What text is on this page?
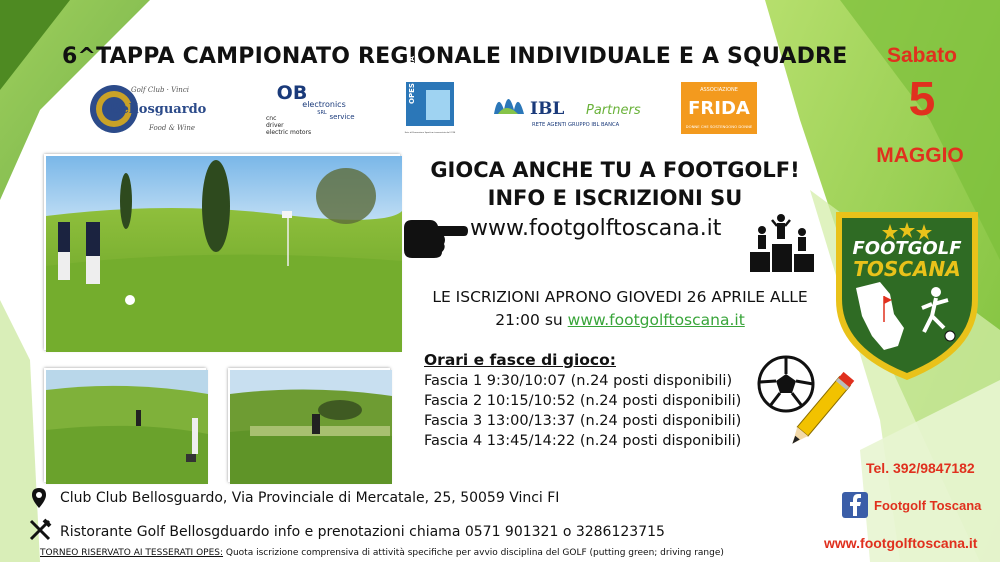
6^TAPPA CAMPIONATO REGIONALE INDIVIDUALE E A SQUADRE	Sabato
5
MAGGIO
Bellosguardo
Golf Club · Vinci
Food & Wine
OB
electronics
SRL service
cnc
driver
electric motors
OPES ITALIA
Ente di Promozione Sportiva riconosciuto dal CONI
IBL Partners
RETE AGENTI GRUPPO IBL BANCA
ASSOCIAZIONE
FRIDA
DONNE CHE SOSTENGONO DONNE
GIOCA ANCHE TU A FOOTGOLF!
INFO E ISCRIZIONI SU
www.footgolftoscana.it
LE ISCRIZIONI APRONO GIOVEDI 26 APRILE ALLE
21:00 su www.footgolftoscana.it
Orari e fasce di gioco:
Fascia 1 9:30/10:07 (n.24 posti disponibili)
Fascia 2 10:15/10:52 (n.24 posti disponibili)
Fascia 3 13:00/13:37 (n.24 posti disponibili)
Fascia 4 13:45/14:22 (n.24 posti disponibili)
FOOTGOLF
TOSCANA
Club Club Bellosguardo, Via Provinciale di Mercatale, 25, 50059 Vinci FI
Ristorante Golf Bellosgduardo info e prenotazioni chiama 0571 901321 o 3286123715
TORNEO RISERVATO AI TESSERATI OPES: Quota iscrizione comprensiva di attività specifiche per avvio disciplina del GOLF (putting green; driving range)
Tel. 392/9847182
Footgolf Toscana
www.footgolftoscana.it
